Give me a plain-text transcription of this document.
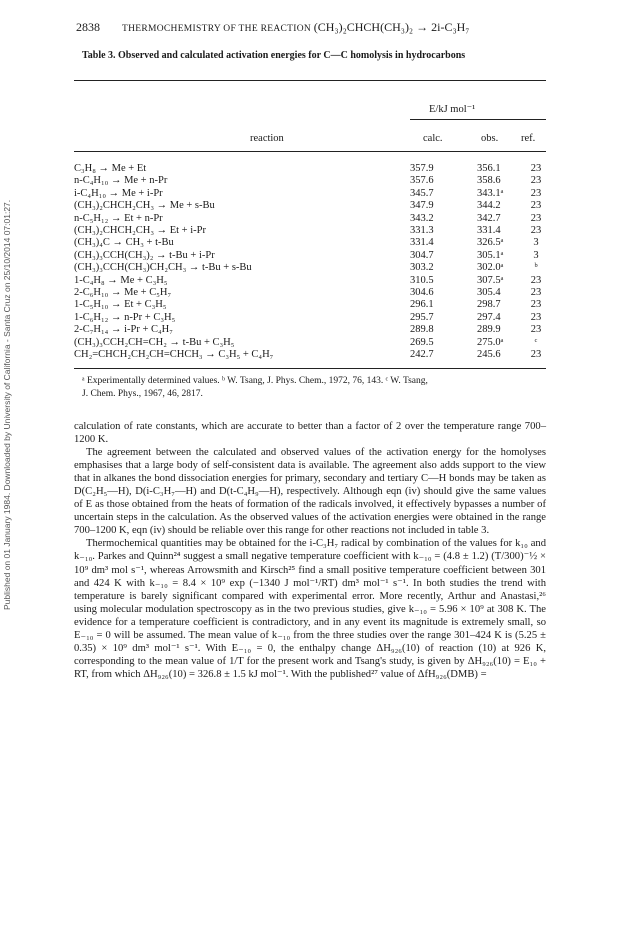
Published on 01 January 1984. Downloaded by University of California - Santa Cruz on 25/10/2014 07:01:27.
2838 THERMOCHEMISTRY OF THE REACTION (CH₃)₂CHCH(CH₃)₂ → 2i-C₃H₇
Table 3. Observed and calculated activation energies for C—C homolysis in hydrocarbons
E/kJ mol⁻¹
reaction	calc.	obs. ref.
C₃H₈ → Me + Et	357.9	356.1	23
n-C₄H₁₀ → Me + n-Pr	357.6	358.6	23
i-C₄H₁₀ → Me + i-Pr	345.7	343.1ᵃ	23
(CH₃)₂CHCH₂CH₃ → Me + s-Bu	347.9	344.2	23
n-C₅H₁₂ → Et + n-Pr	343.2	342.7	23
(CH₃)₂CHCH₂CH₃ → Et + i-Pr	331.3	331.4	23
(CH₃)₄C → CH₃ + t-Bu	331.4	326.5ᵃ	3
(CH₃)₃CCH(CH₃)₂ → t-Bu + i-Pr	304.7	305.1ᵃ	3
(CH₃)₃CCH(CH₃)CH₂CH₃ → t-Bu + s-Bu	303.2	302.0ᵃ	ᵇ
1-C₄H₈ → Me + C₃H₅	310.5	307.5ᵃ	23
2-C₆H₁₀ → Me + C₅H₇	304.6	305.4	23
1-C₅H₁₀ → Et + C₃H₅	296.1	298.7	23
1-C₆H₁₂ → n-Pr + C₃H₅	295.7	297.4	23
2-C₇H₁₄ → i-Pr + C₄H₇	289.8	289.9	23
(CH₃)₃CCH₂CH=CH₂ → t-Bu + C₃H₅	269.5	275.0ᵃ	ᶜ
CH₂=CHCH₂CH₂CH=CHCH₃ → C₃H₅ + C₄H₇	242.7	245.6	23
ᵃ Experimentally determined values. ᵇ W. Tsang, J. Phys. Chem., 1972, 76, 143. ᶜ W. Tsang,
J. Chem. Phys., 1967, 46, 2817.

calculation of rate constants, which are accurate to better than a factor of 2 over the temperature range 700–1200 K.

The agreement between the calculated and observed values of the activation energy for the homolyses emphasises that a large body of self-consistent data is available. The agreement also adds support to the view that in alkanes the bond dissociation energies for primary, secondary and tertiary C—H bonds may be taken as D(C₂H₅—H), D(i-C₃H₇—H) and D(t-C₄H₉—H), respectively. Although eqn (iv) should give the same values of E as those obtained from the heats of formation of the radicals involved, it effectively bypasses a number of uncertain steps in the calculation. As the observed values of the activation energies were obtained in the range 700–1200 K, eqn (iv) should be reliable over this range for other reactions not included in table 3.

Thermochemical quantities may be obtained for the i-C₃H₇ radical by combination of the values for k₁₀ and k₋₁₀. Parkes and Quinn²⁴ suggest a small negative temperature coefficient with k₋₁₀ = (4.8 ± 1.2) (T/300)⁻½ × 10⁹ dm³ mol s⁻¹, whereas Arrowsmith and Kirsch²⁵ find a small positive temperature coefficient between 301 and 424 K with k₋₁₀ = 8.4 × 10⁹ exp (−1340 J mol⁻¹/RT) dm³ mol⁻¹ s⁻¹. In both studies the trend with temperature is barely significant compared with experimental error. More recently, Arthur and Anastasi,²⁶ using molecular modulation spectroscopy as in the two previous studies, give k₋₁₀ = 5.96 × 10⁹ at 308 K. The evidence for a temperature coefficient is contradictory, and in any event its magnitude is extremely small, so E₋₁₀ = 0 will be assumed. The mean value of k₋₁₀ from the three studies over the range 301–424 K is (5.25 ± 0.35) × 10⁹ dm³ mol⁻¹ s⁻¹. With E₋₁₀ = 0, the enthalpy change ΔH₉₂₆(10) of reaction (10) at 926 K, corresponding to the mean value of 1/T for the present work and Tsang's study, is given by ΔH₉₂₆(10) = E₁₀ + RT, from which ΔH₉₂₆(10) = 326.8 ± 1.5 kJ mol⁻¹. With the published²⁷ value of ΔfH₉₂₆(DMB) =
